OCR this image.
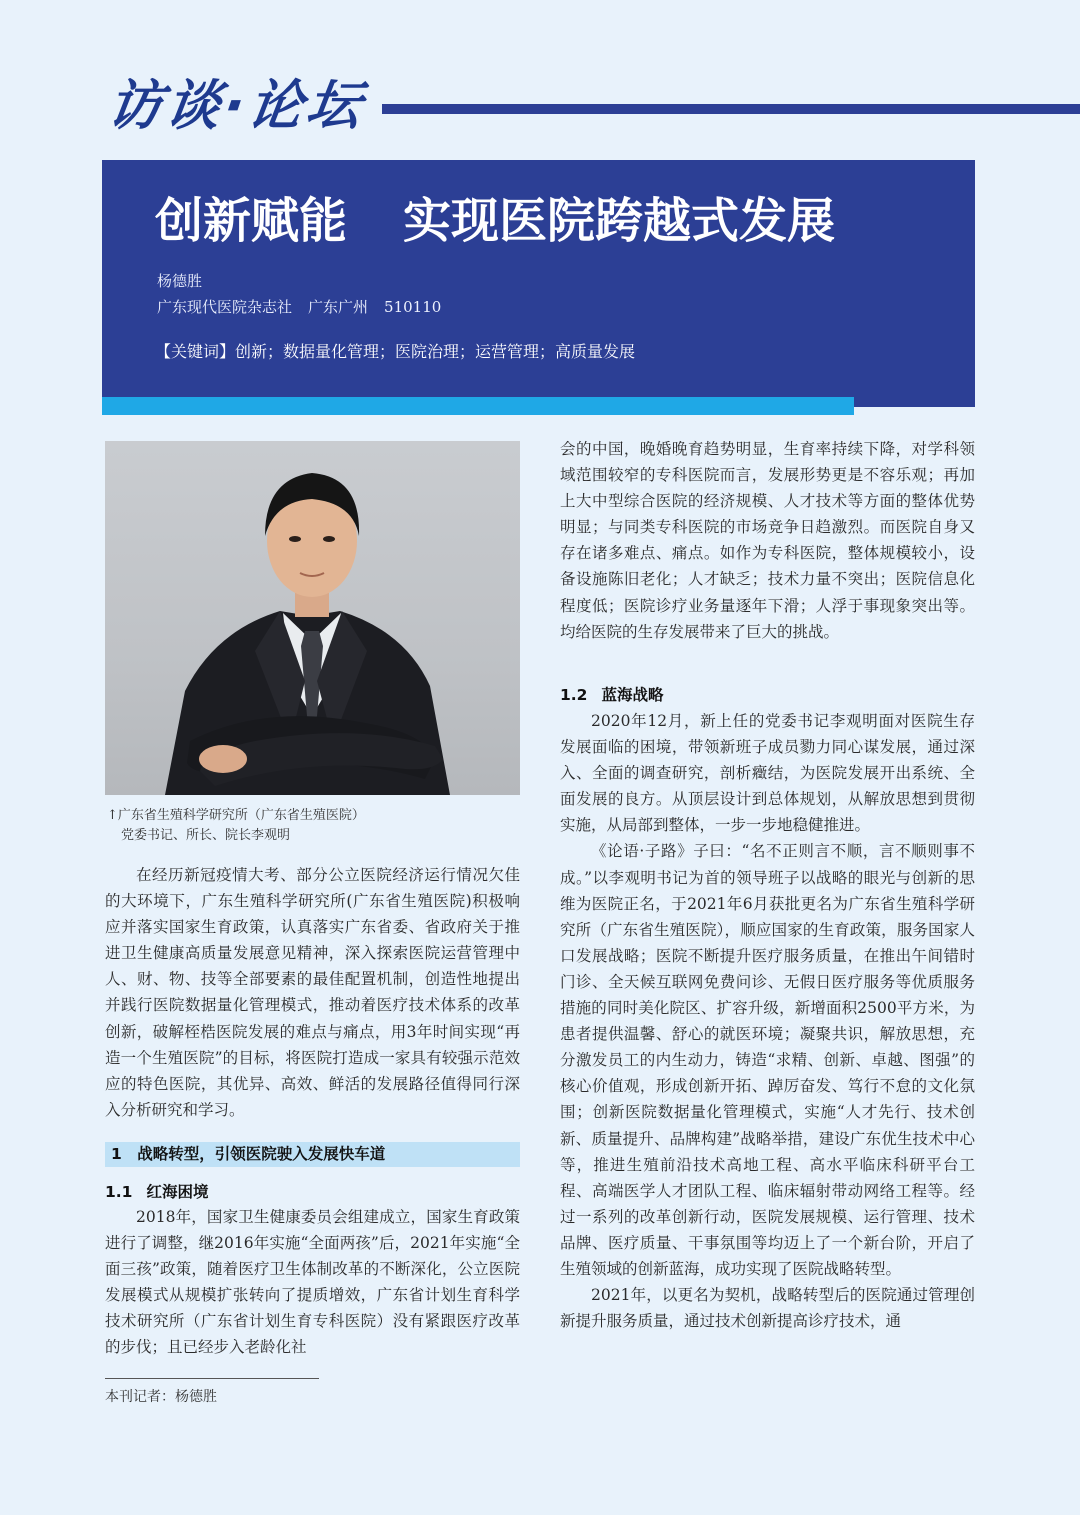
访谈·论坛
创新赋能 实现医院跨越式发展
杨德胜
广东现代医院杂志社 广东广州 510110
【关键词】创新；数据量化管理；医院治理；运营管理；高质量发展
↑广东省生殖科学研究所（广东省生殖医院）
党委书记、所长、院长李观明

在经历新冠疫情大考、部分公立医院经济运行情况欠佳的大环境下，广东生殖科学研究所(广东省生殖医院)积极响应并落实国家生育政策，认真落实广东省委、省政府关于推进卫生健康高质量发展意见精神，深入探索医院运营管理中人、财、物、技等全部要素的最佳配置机制，创造性地提出并践行医院数据量化管理模式，推动着医疗技术体系的改革创新，破解桎梏医院发展的难点与痛点，用3年时间实现“再造一个生殖医院”的目标，将医院打造成一家具有较强示范效应的特色医院，其优异、高效、鲜活的发展路径值得同行深入分析研究和学习。

1　战略转型，引领医院驶入发展快车道
1.1 红海困境

2018年，国家卫生健康委员会组建成立，国家生育政策进行了调整，继2016年实施“全面两孩”后，2021年实施“全面三孩”政策，随着医疗卫生体制改革的不断深化，公立医院发展模式从规模扩张转向了提质增效，广东省计划生育科学技术研究所（广东省计划生育专科医院）没有紧跟医疗改革的步伐；且已经步入老龄化社

本刊记者：杨德胜

会的中国，晚婚晚育趋势明显，生育率持续下降，对学科领域范围较窄的专科医院而言，发展形势更是不容乐观；再加上大中型综合医院的经济规模、人才技术等方面的整体优势明显；与同类专科医院的市场竞争日趋激烈。而医院自身又存在诸多难点、痛点。如作为专科医院，整体规模较小，设备设施陈旧老化；人才缺乏；技术力量不突出；医院信息化程度低；医院诊疗业务量逐年下滑；人浮于事现象突出等。均给医院的生存发展带来了巨大的挑战。

1.2 蓝海战略

2020年12月，新上任的党委书记李观明面对医院生存发展面临的困境，带领新班子成员勠力同心谋发展，通过深入、全面的调查研究，剖析癥结，为医院发展开出系统、全面发展的良方。从顶层设计到总体规划，从解放思想到贯彻实施，从局部到整体，一步一步地稳健推进。

《论语·子路》子曰：“名不正则言不顺，言不顺则事不成。”以李观明书记为首的领导班子以战略的眼光与创新的思维为医院正名，于2021年6月获批更名为广东省生殖科学研究所（广东省生殖医院），顺应国家的生育政策，服务国家人口发展战略；医院不断提升医疗服务质量，在推出午间错时门诊、全天候互联网免费问诊、无假日医疗服务等优质服务措施的同时美化院区、扩容升级，新增面积2500平方米，为患者提供温馨、舒心的就医环境；凝聚共识，解放思想，充分激发员工的内生动力，铸造“求精、创新、卓越、图强”的核心价值观，形成创新开拓、踔厉奋发、笃行不怠的文化氛围；创新医院数据量化管理模式，实施“人才先行、技术创新、质量提升、品牌构建”战略举措，建设广东优生技术中心等，推进生殖前沿技术高地工程、高水平临床科研平台工程、高端医学人才团队工程、临床辐射带动网络工程等。经过一系列的改革创新行动，医院发展规模、运行管理、技术品牌、医疗质量、干事氛围等均迈上了一个新台阶，开启了生殖领域的创新蓝海，成功实现了医院战略转型。

2021年，以更名为契机，战略转型后的医院通过管理创新提升服务质量，通过技术创新提高诊疗技术，通
